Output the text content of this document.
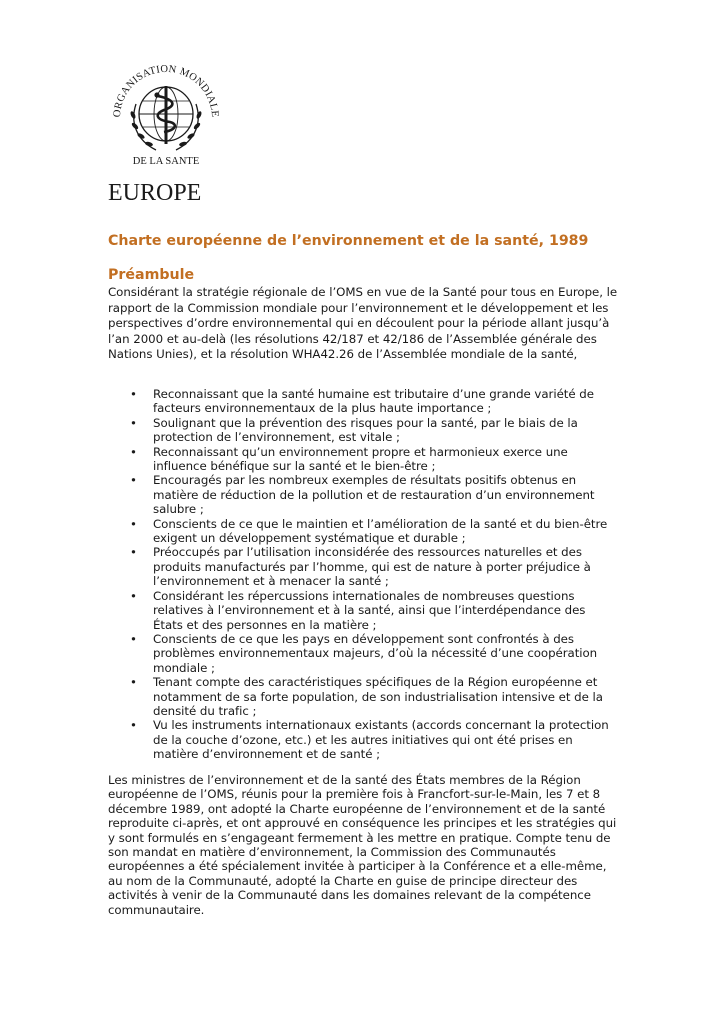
ORGANISATION MONDIALE
DE LA SANTE
EUROPE
Charte européenne de l’environnement et de la santé, 1989
Préambule

Considérant la stratégie régionale de l’OMS en vue de la Santé pour tous en Europe, le rapport de la Commission mondiale pour l’environnement et le développement et les perspectives d’ordre environnemental qui en découlent pour la période allant jusqu’à l’an 2000 et au-delà (les résolutions 42/187 et 42/186 de l’Assemblée générale des Nations Unies), et la résolution WHA42.26 de l’Assemblée mondiale de la santé,

• Reconnaissant que la santé humaine est tributaire d’une grande variété de facteurs environnementaux de la plus haute importance ;
• Soulignant que la prévention des risques pour la santé, par le biais de la protection de l’environnement, est vitale ;
• Reconnaissant qu’un environnement propre et harmonieux exerce une influence bénéfique sur la santé et le bien-être ;
• Encouragés par les nombreux exemples de résultats positifs obtenus en matière de réduction de la pollution et de restauration d’un environnement salubre ;
• Conscients de ce que le maintien et l’amélioration de la santé et du bien-être exigent un développement systématique et durable ;
• Préoccupés par l’utilisation inconsidérée des ressources naturelles et des produits manufacturés par l’homme, qui est de nature à porter préjudice à l’environnement et à menacer la santé ;
• Considérant les répercussions internationales de nombreuses questions relatives à l’environnement et à la santé, ainsi que l’interdépendance des États et des personnes en la matière ;
• Conscients de ce que les pays en développement sont confrontés à des problèmes environnementaux majeurs, d’où la nécessité d’une coopération mondiale ;
• Tenant compte des caractéristiques spécifiques de la Région européenne et notamment de sa forte population, de son industrialisation intensive et de la densité du trafic ;
• Vu les instruments internationaux existants (accords concernant la protection de la couche d’ozone, etc.) et les autres initiatives qui ont été prises en matière d’environnement et de santé ;

Les ministres de l’environnement et de la santé des États membres de la Région européenne de l’OMS, réunis pour la première fois à Francfort-sur-le-Main, les 7 et 8 décembre 1989, ont adopté la Charte européenne de l’environnement et de la santé reproduite ci-après, et ont approuvé en conséquence les principes et les stratégies qui y sont formulés en s’engageant fermement à les mettre en pratique. Compte tenu de son mandat en matière d’environnement, la Commission des Communautés européennes a été spécialement invitée à participer à la Conférence et a elle-même, au nom de la Communauté, adopté la Charte en guise de principe directeur des activités à venir de la Communauté dans les domaines relevant de la compétence communautaire.
